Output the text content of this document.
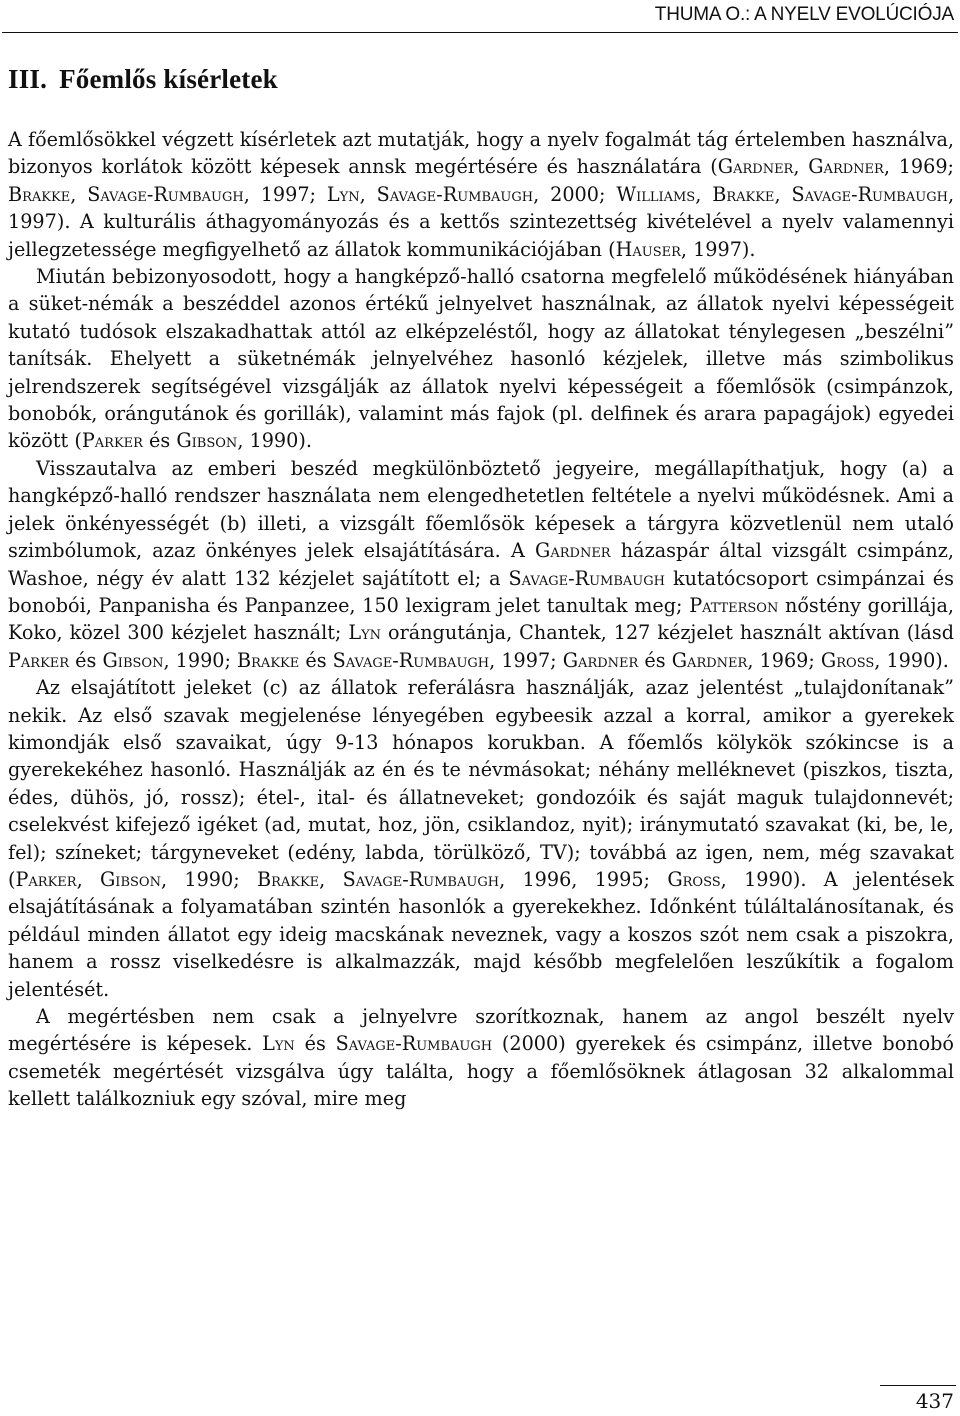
THUMA O.: A NYELV EVOLÚCIÓJA
III. Főemlős kísérletek

A főemlősökkel végzett kísérletek azt mutatják, hogy a nyelv fogalmát tág értelemben használva, bizonyos korlátok között képesek annsk megértésére és használatára (Gardner, Gardner, 1969; Brakke, Savage-Rumbaugh, 1997; Lyn, Savage-Rumbaugh, 2000; Williams, Brakke, Savage-Rumbaugh, 1997). A kulturális áthagyományozás és a kettős szintezettség kivételével a nyelv valamennyi jellegzetessége megfigyelhető az állatok kommunikációjában (Hauser, 1997).

Miután bebizonyosodott, hogy a hangképző-halló csatorna megfelelő működésének hiányában a süket-némák a beszéddel azonos értékű jelnyelvet használnak, az állatok nyelvi képességeit kutató tudósok elszakadhattak attól az elképzeléstől, hogy az állatokat ténylegesen „beszélni” tanítsák. Ehelyett a süketnémák jelnyelvéhez hasonló kézjelek, illetve más szimbolikus jelrendszerek segítségével vizsgálják az állatok nyelvi képességeit a főemlősök (csimpánzok, bonobók, orángutánok és gorillák), valamint más fajok (pl. delfinek és arara papagájok) egyedei között (Parker és Gibson, 1990).

Visszautalva az emberi beszéd megkülönböztető jegyeire, megállapíthatjuk, hogy (a) a hangképző-halló rendszer használata nem elengedhetetlen feltétele a nyelvi működésnek. Ami a jelek önkényességét (b) illeti, a vizsgált főemlősök képesek a tárgyra közvetlenül nem utaló szimbólumok, azaz önkényes jelek elsajátítására. A Gardner házaspár által vizsgált csimpánz, Washoe, négy év alatt 132 kézjelet sajátított el; a Savage-Rumbaugh kutatócsoport csimpánzai és bonobói, Panpanisha és Panpanzee, 150 lexigram jelet tanultak meg; Patterson nőstény gorillája, Koko, közel 300 kézjelet használt; Lyn orángutánja, Chantek, 127 kézjelet használt aktívan (lásd Parker és Gibson, 1990; Brakke és Savage-Rumbaugh, 1997; Gardner és Gardner, 1969; Gross, 1990).

Az elsajátított jeleket (c) az állatok referálásra használják, azaz jelentést „tulajdonítanak” nekik. Az első szavak megjelenése lényegében egybeesik azzal a korral, amikor a gyerekek kimondják első szavaikat, úgy 9-13 hónapos korukban. A főemlős kölykök szókincse is a gyerekekéhez hasonló. Használják az én és te névmásokat; néhány melléknevet (piszkos, tiszta, édes, dühös, jó, rossz); étel-, ital- és állatneveket; gondozóik és saját maguk tulajdonnevét; cselekvést kifejező igéket (ad, mutat, hoz, jön, csiklandoz, nyit); iránymutató szavakat (ki, be, le, fel); színeket; tárgyneveket (edény, labda, törülköző, TV); továbbá az igen, nem, még szavakat (Parker, Gibson, 1990; Brakke, Savage-Rumbaugh, 1996, 1995; Gross, 1990). A jelentések elsajátításának a folyamatában szintén hasonlók a gyerekekhez. Időnként túláltalánosítanak, és például minden állatot egy ideig macskának neveznek, vagy a koszos szót nem csak a piszokra, hanem a rossz viselkedésre is alkalmazzák, majd később megfelelően leszűkítik a fogalom jelentését.

A megértésben nem csak a jelnyelvre szorítkoznak, hanem az angol beszélt nyelv megértésére is képesek. Lyn és Savage-Rumbaugh (2000) gyerekek és csimpánz, illetve bonobó csemeték megértését vizsgálva úgy találta, hogy a főemlősöknek átlagosan 32 alkalommal kellett találkozniuk egy szóval, mire meg

437
